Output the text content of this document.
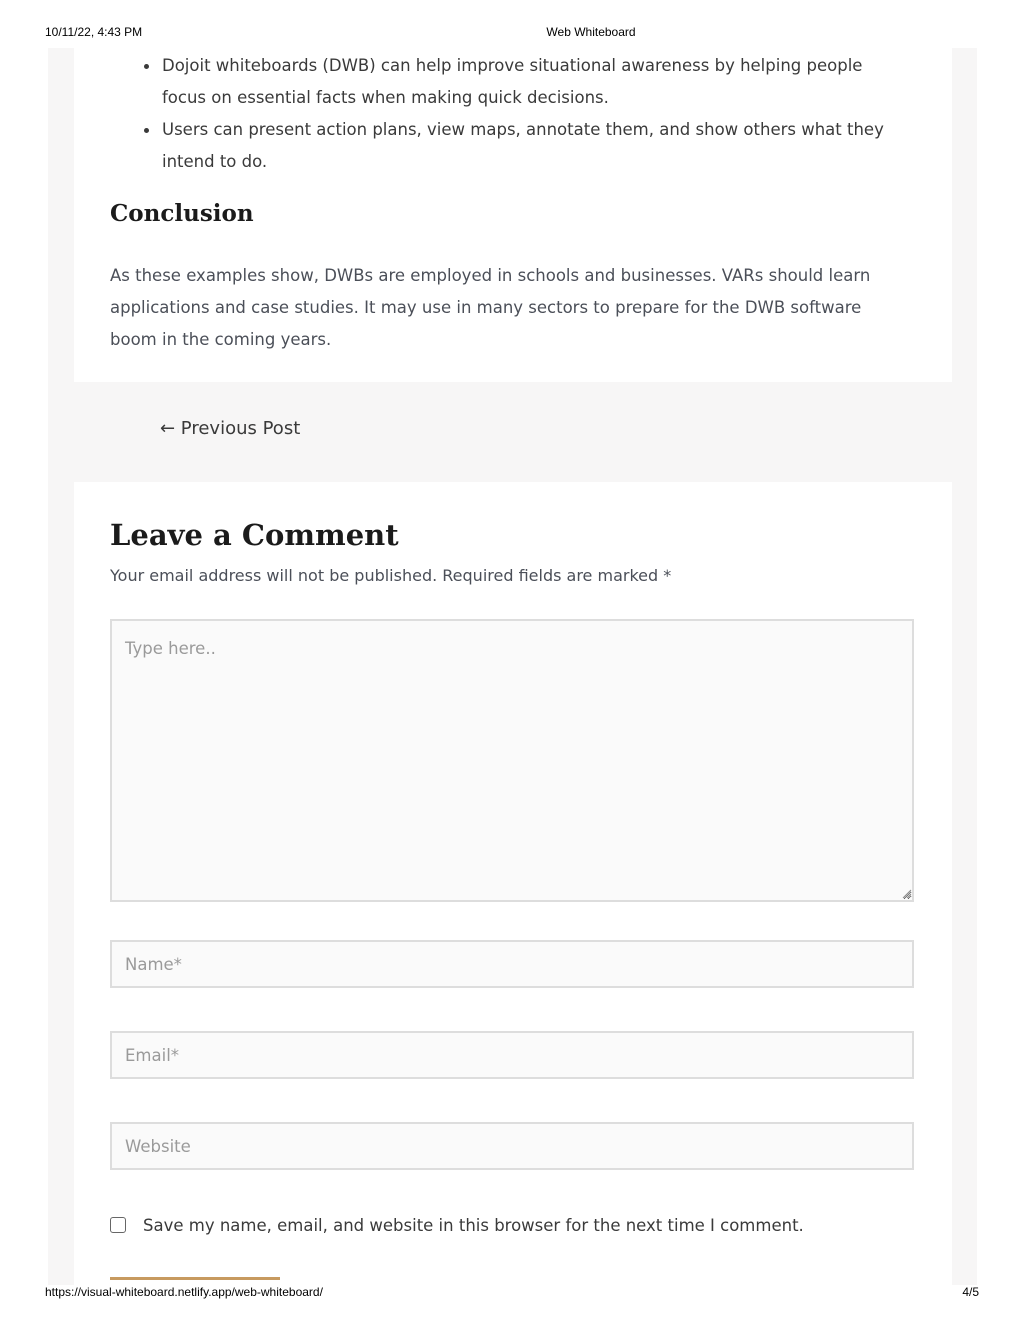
10/11/22, 4:43 PM	Web Whiteboard
Dojoit whiteboards (DWB) can help improve situational awareness by helping people focus on essential facts when making quick decisions.
Users can present action plans, view maps, annotate them, and show others what they intend to do.
Conclusion

As these examples show, DWBs are employed in schools and businesses. VARs should learn applications and case studies. It may use in many sectors to prepare for the DWB software boom in the coming years.

← Previous Post
Leave a Comment

Your email address will not be published. Required fields are marked *

Type here..
Name*
Email*
Website
Save my name, email, and website in this browser for the next time I comment.
https://visual-whiteboard.netlify.app/web-whiteboard/	4/5
